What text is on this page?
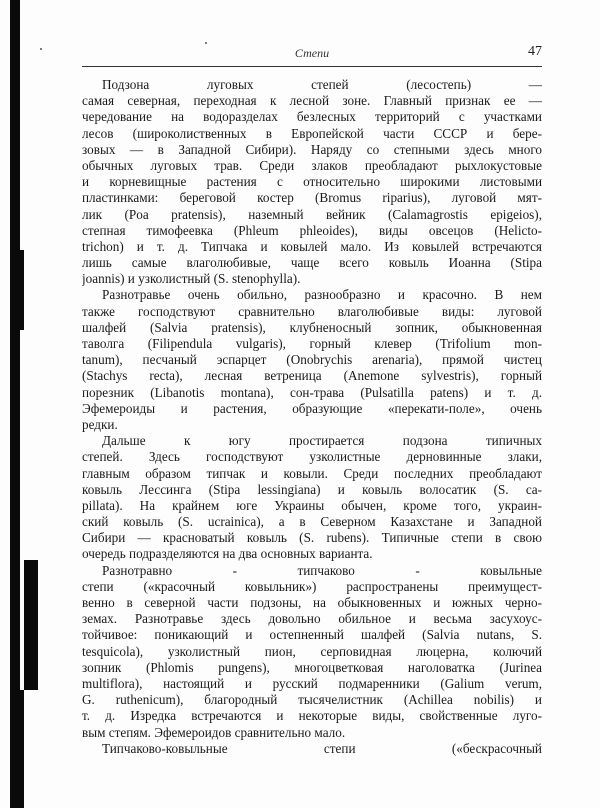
Степи	47
Подзона луговых степей (лесостепь) —
самая северная, переходная к лесной зоне. Главный признак ее —
чередование на водоразделах безлесных территорий с участками
лесов (широколиственных в Европейской части СССР и бере-
зовых — в Западной Сибири). Наряду со степными здесь много
обычных луговых трав. Среди злаков преобладают рыхлокустовые
и корневищные растения с относительно широкими листовыми
пластинками: береговой костер (Bromus riparius), луговой мят-
лик (Poa pratensis), наземный вейник (Calamagrostis epigeios),
степная тимофеевка (Phleum phleoides), виды овсецов (Helicto-
trichon) и т. д. Типчака и ковылей мало. Из ковылей встречаются
лишь самые влаголюбивые, чаще всего ковыль Иоанна (Stipa
joannis) и узколистный (S. stenophylla).
Разнотравье очень обильно, разнообразно и красочно. В нем
также господствуют сравнительно влаголюбивые виды: луговой
шалфей (Salvia pratensis), клубненосный зопник, обыкновенная
таволга (Filipendula vulgaris), горный клевер (Trifolium mon-
tanum), песчаный эспарцет (Onobrychis arenaria), прямой чистец
(Stachys recta), лесная ветреница (Anemone sylvestris), горный
порезник (Libanotis montana), сон-трава (Pulsatilla patens) и т. д.
Эфемероиды и растения, образующие «перекати-поле», очень
редки.
Дальше к югу простирается подзона типичных
степей. Здесь господствуют узколистные дерновинные злаки,
главным образом типчак и ковыли. Среди последних преобладают
ковыль Лессинга (Stipa lessingiana) и ковыль волосатик (S. ca-
pillata). На крайнем юге Украины обычен, кроме того, украин-
ский ковыль (S. ucrainica), а в Северном Казахстане и Западной
Сибири — красноватый ковыль (S. rubens). Типичные степи в свою
очередь подразделяются на два основных варианта.
Разнотравно - типчаково - ковыльные
степи («красочный ковыльник») распространены преимущест-
венно в северной части подзоны, на обыкновенных и южных черно-
земах. Разнотравье здесь довольно обильное и весьма засухоус-
тойчивое: поникающий и остепненный шалфей (Salvia nutans, S.
tesquicola), узколистный пион, серповидная люцерна, колючий
зопник (Phlomis pungens), многоцветковая наголоватка (Jurinea
multiflora), настоящий и русский подмаренники (Galium verum,
G. ruthenicum), благородный тысячелистник (Achillea nobilis) и
т. д. Изредка встречаются и некоторые виды, свойственные луго-
вым степям. Эфемероидов сравнительно мало.
Типчаково-ковыльные степи («бескрасочный
